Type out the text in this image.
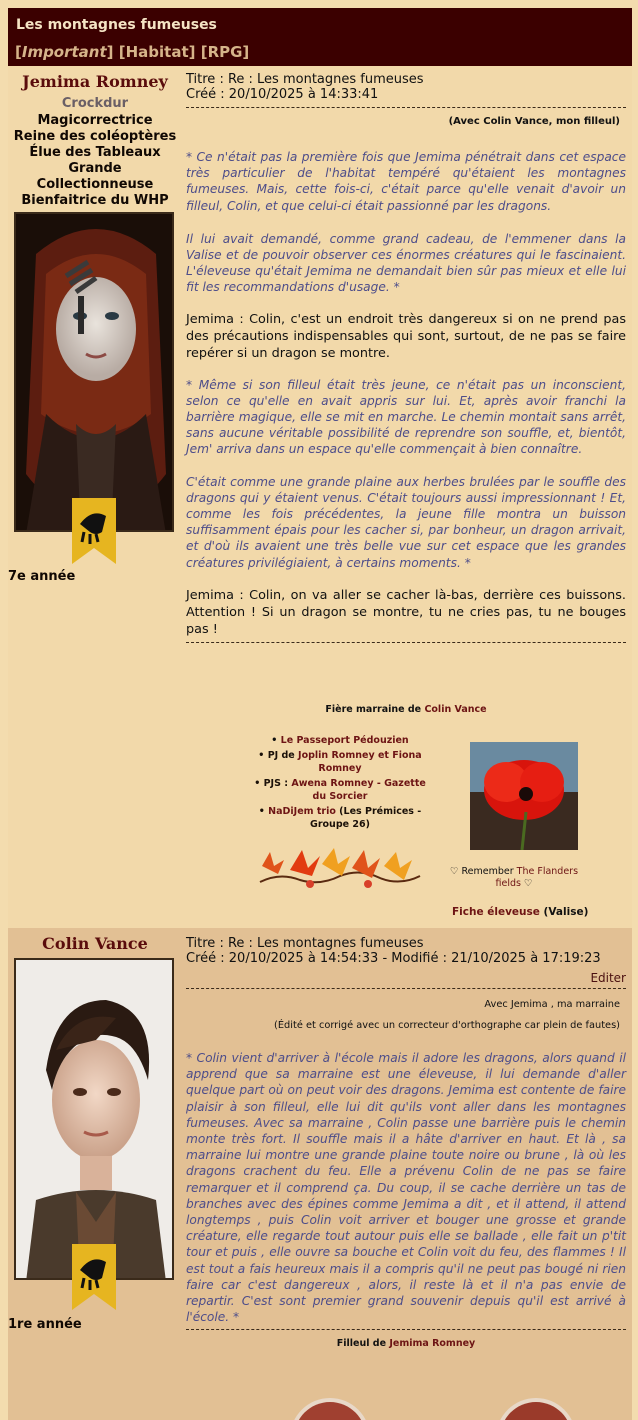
Les montagnes fumeuses
[Important] [Habitat] [RPG]
Jemima Romney
Crockdur
Magicorrectrice
Reine des coléoptères
Élue des Tableaux
Grande
Collectionneuse
Bienfaitrice du WHP
7e année
Titre : Re : Les montagnes fumeuses
Créé : 20/10/2025 à 14:33:41
(Avec Colin Vance, mon filleul)

* Ce n'était pas la première fois que Jemima pénétrait dans cet espace très particulier de l'habitat tempéré qu'étaient les montagnes fumeuses. Mais, cette fois-ci, c'était parce qu'elle venait d'avoir un filleul, Colin, et que celui-ci était passionné par les dragons.

Il lui avait demandé, comme grand cadeau, de l'emmener dans la Valise et de pouvoir observer ces énormes créatures qui le fascinaient. L'éleveuse qu'était Jemima ne demandait bien sûr pas mieux et elle lui fit les recommandations d'usage. *

Jemima : Colin, c'est un endroit très dangereux si on ne prend pas des précautions indispensables qui sont, surtout, de ne pas se faire repérer si un dragon se montre.

* Même si son filleul était très jeune, ce n'était pas un inconscient, selon ce qu'elle en avait appris sur lui. Et, après avoir franchi la barrière magique, elle se mit en marche. Le chemin montait sans arrêt, sans aucune véritable possibilité de reprendre son souffle, et, bientôt, Jem' arriva dans un espace qu'elle commençait à bien connaître.

C'était comme une grande plaine aux herbes brulées par le souffle des dragons qui y étaient venus. C'était toujours aussi impressionnant ! Et, comme les fois précédentes, la jeune fille montra un buisson suffisamment épais pour les cacher si, par bonheur, un dragon arrivait, et d'où ils avaient une très belle vue sur cet espace que les grandes créatures privilégiaient, à certains moments. *

Jemima : Colin, on va aller se cacher là-bas, derrière ces buissons. Attention ! Si un dragon se montre, tu ne cries pas, tu ne bouges pas !

Fière marraine de Colin Vance
• Le Passeport Pédouzien
• PJ de Joplin Romney et Fiona Romney
• PJS : Awena Romney - Gazette du Sorcier
• NaDiJem trio (Les Prémices - Groupe 26)
♡ Remember The Flanders fields ♡
Fiche éleveuse (Valise)
Colin Vance
1re année
Titre : Re : Les montagnes fumeuses
Créé : 20/10/2025 à 14:54:33 - Modifié : 21/10/2025 à 17:19:23
Editer
Avec Jemima , ma marraine
(Édité et corrigé avec un correcteur d'orthographe car plein de fautes)

* Colin vient d'arriver à l'école mais il adore les dragons, alors quand il apprend que sa marraine est une éleveuse, il lui demande d'aller quelque part où on peut voir des dragons. Jemima est contente de faire plaisir à son filleul, elle lui dit qu'ils vont aller dans les montagnes fumeuses. Avec sa marraine , Colin passe une barrière puis le chemin monte très fort. Il souffle mais il a hâte d'arriver en haut. Et là , sa marraine lui montre une grande plaine toute noire ou brune , là où les dragons crachent du feu. Elle a prévenu Colin de ne pas se faire remarquer et il comprend ça. Du coup, il se cache derrière un tas de branches avec des épines comme Jemima a dit , et il attend, il attend longtemps , puis Colin voit arriver et bouger une grosse et grande créature, elle regarde tout autour puis elle se ballade , elle fait un p'tit tour et puis , elle ouvre sa bouche et Colin voit du feu, des flammes ! Il est tout a fais heureux mais il a compris qu'il ne peut pas bougé ni rien faire car c'est dangereux , alors, il reste là et il n'a pas envie de repartir. C'est sont premier grand souvenir depuis qu'il est arrivé à l'école. *

Filleul de Jemima Romney
